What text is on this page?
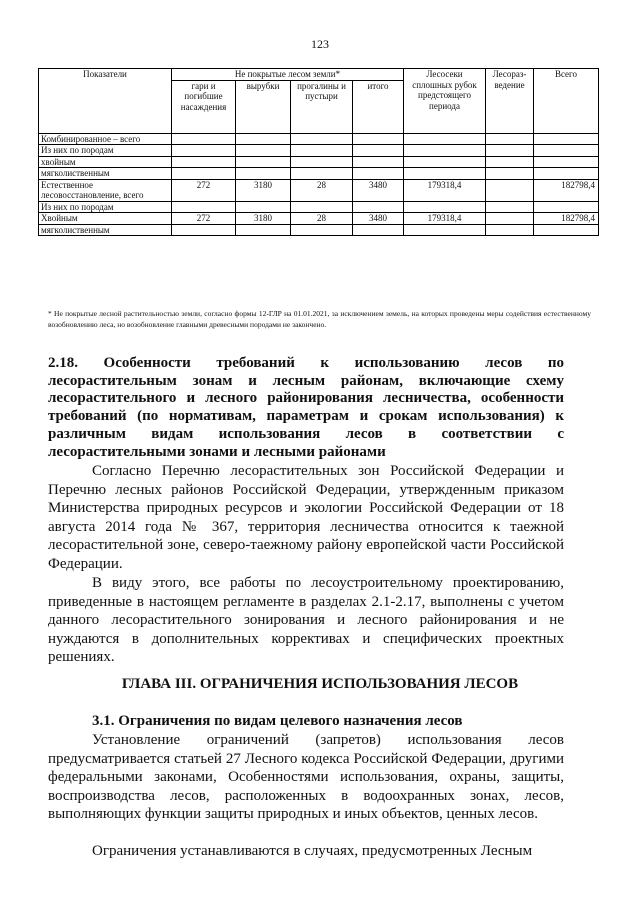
123
Показатели	Не покрытые лесом земли*				Лесосеки сплошных рубок предстоящего периода	Лесораз-ведение	Всего
	гари и погибшие насаждения	вырубки	прогалины и пустыри	итого			
Комбинированное – всего							
Из них по породам							
хвойным							
мягколиственным							
Естественное лесовосстановление, всего	272	3180	28	3480	179318,4		182798,4
Из них по породам							
Хвойным	272	3180	28	3480	179318,4		182798,4
мягколиственным							
* Не покрытые лесной растительностью земли, согласно формы 12-ГЛР на 01.01.2021, за исключением земель, на которых проведены меры содействия естественному возобновлению леса, но возобновление главными древесными породами не закончено.
2.18. Особенности требований к использованию лесов по лесорастительным зонам и лесным районам, включающие схему лесорастительного и лесного районирования лесничества, особенности требований (по нормативам, параметрам и срокам использования) к различным видам использования лесов в соответствии с
лесорастительными зонами и лесными районами

Согласно Перечню лесорастительных зон Российской Федерации и Перечню лесных районов Российской Федерации, утвержденным приказом Министерства природных ресурсов и экологии Российской Федерации от 18 августа 2014 года № 367, территория лесничества относится к таежной лесорастительной зоне, северо-таежному району европейской части Российской Федерации.

В виду этого, все работы по лесоустроительному проектированию, приведенные в настоящем регламенте в разделах 2.1-2.17, выполнены с учетом данного лесорастительного зонирования и лесного районирования и не нуждаются в дополнительных коррективах и специфических проектных решениях.

ГЛАВА III. ОГРАНИЧЕНИЯ ИСПОЛЬЗОВАНИЯ ЛЕСОВ
3.1. Ограничения по видам целевого назначения лесов

Установление ограничений (запретов) использования лесов предусматривается статьей 27 Лесного кодекса Российской Федерации, другими федеральными законами, Особенностями использования, охраны, защиты, воспроизводства лесов, расположенных в водоохранных зонах, лесов, выполняющих функции защиты природных и иных объектов, ценных лесов.

Ограничения устанавливаются в случаях, предусмотренных Лесным
